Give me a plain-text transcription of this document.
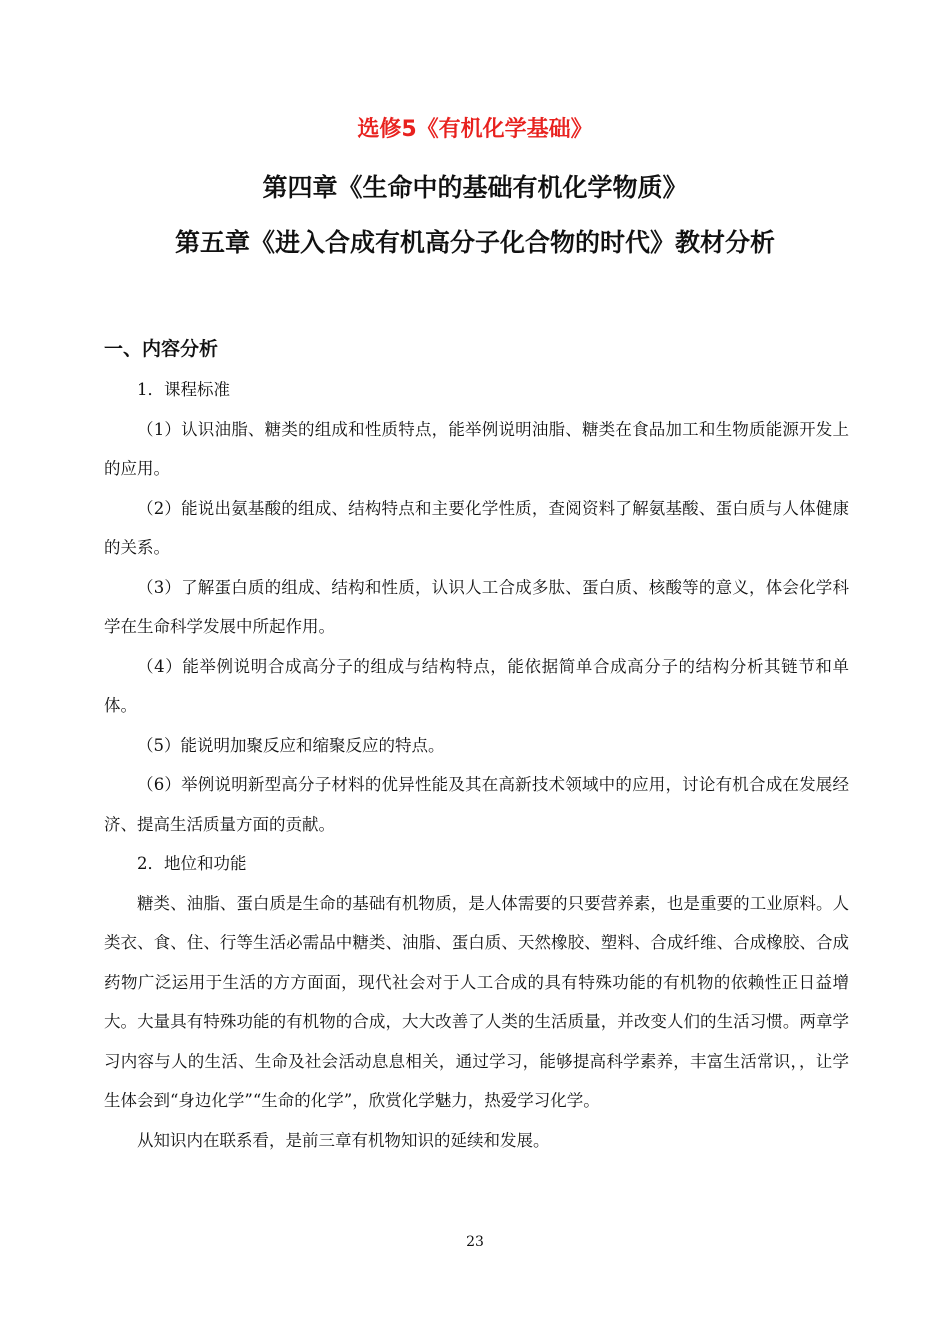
选修5《有机化学基础》
第四章《生命中的基础有机化学物质》
第五章《进入合成有机高分子化合物的时代》教材分析
一、内容分析

1．课程标准

（1）认识油脂、糖类的组成和性质特点，能举例说明油脂、糖类在食品加工和生物质能源开发上的应用。

（2）能说出氨基酸的组成、结构特点和主要化学性质，查阅资料了解氨基酸、蛋白质与人体健康的关系。

（3）了解蛋白质的组成、结构和性质，认识人工合成多肽、蛋白质、核酸等的意义，体会化学科学在生命科学发展中所起作用。

（4）能举例说明合成高分子的组成与结构特点，能依据简单合成高分子的结构分析其链节和单体。

（5）能说明加聚反应和缩聚反应的特点。

（6）举例说明新型高分子材料的优异性能及其在高新技术领域中的应用，讨论有机合成在发展经济、提高生活质量方面的贡献。

2．地位和功能

糖类、油脂、蛋白质是生命的基础有机物质，是人体需要的只要营养素，也是重要的工业原料。人类衣、食、住、行等生活必需品中糖类、油脂、蛋白质、天然橡胶、塑料、合成纤维、合成橡胶、合成药物广泛运用于生活的方方面面，现代社会对于人工合成的具有特殊功能的有机物的依赖性正日益增大。大量具有特殊功能的有机物的合成，大大改善了人类的生活质量，并改变人们的生活习惯。两章学习内容与人的生活、生命及社会活动息息相关，通过学习，能够提高科学素养，丰富生活常识，，让学生体会到“身边化学”“生命的化学”，欣赏化学魅力，热爱学习化学。

从知识内在联系看，是前三章有机物知识的延续和发展。

23
